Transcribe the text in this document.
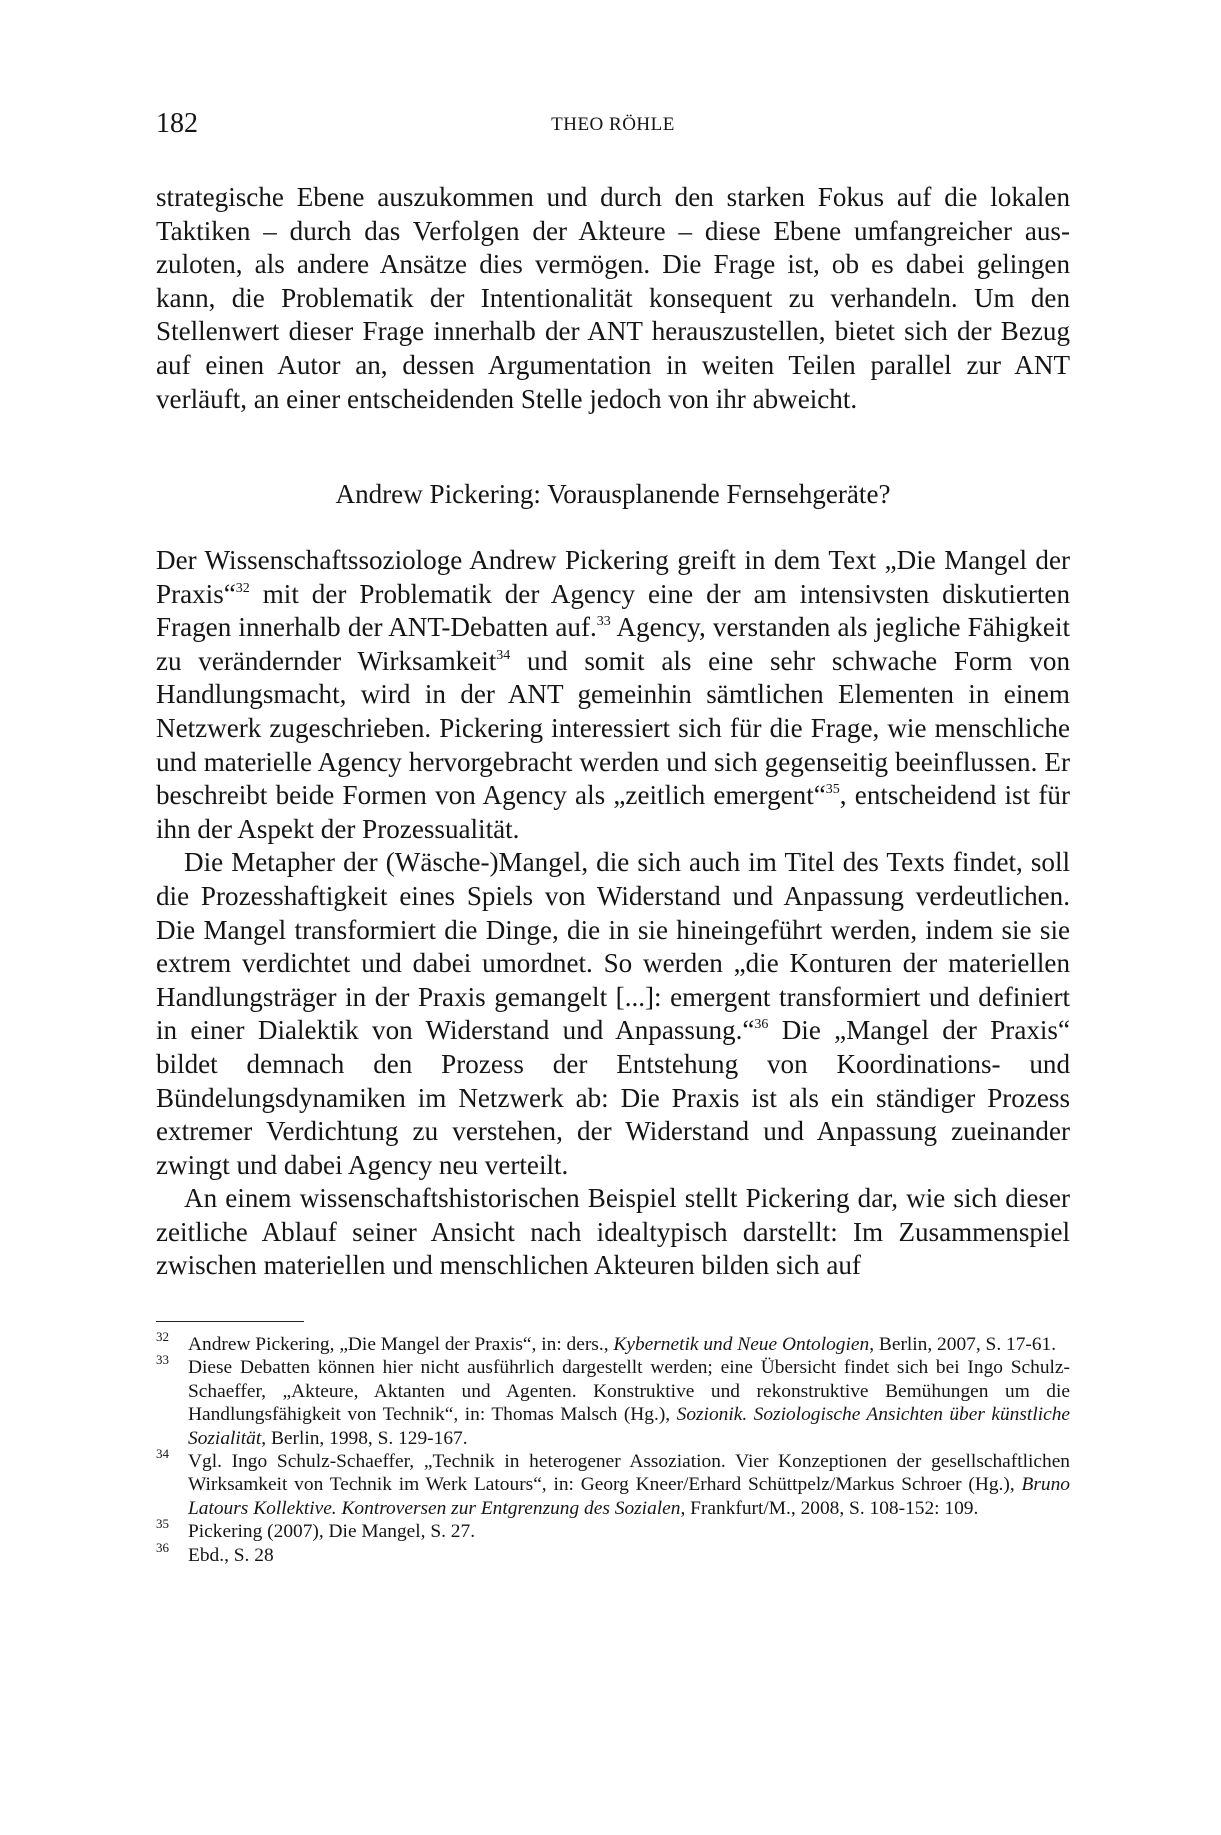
182	THEO RÖHLE

strategische Ebene auszukommen und durch den starken Fokus auf die lokalen Taktiken – durch das Verfolgen der Akteure – diese Ebene umfangreicher auszuloten, als andere Ansätze dies vermögen. Die Frage ist, ob es dabei gelingen kann, die Problematik der Intentionalität konsequent zu verhandeln. Um den Stellenwert dieser Frage innerhalb der ANT herauszustellen, bietet sich der Bezug auf einen Autor an, dessen Argumentation in weiten Teilen parallel zur ANT verläuft, an einer entscheidenden Stelle jedoch von ihr abweicht.

Andrew Pickering: Vorausplanende Fernsehgeräte?

Der Wissenschaftssoziologe Andrew Pickering greift in dem Text „Die Mangel der Praxis“$^{32}$ mit der Problematik der Agency eine der am intensivsten diskutierten Fragen innerhalb der ANT-Debatten auf.$^{33}$ Agency, verstanden als jegliche Fähigkeit zu verändernder Wirksamkeit$^{34}$ und somit als eine sehr schwache Form von Handlungsmacht, wird in der ANT gemeinhin sämtlichen Elementen in einem Netzwerk zugeschrieben. Pickering interessiert sich für die Frage, wie menschliche und materielle Agency hervorgebracht werden und sich gegenseitig beeinflussen. Er beschreibt beide Formen von Agency als „zeitlich emergent“$^{35}$, entscheidend ist für ihn der Aspekt der Prozessualität.

Die Metapher der (Wäsche-)Mangel, die sich auch im Titel des Texts findet, soll die Prozesshaftigkeit eines Spiels von Widerstand und Anpassung verdeutlichen. Die Mangel transformiert die Dinge, die in sie hineingeführt werden, indem sie sie extrem verdichtet und dabei umordnet. So werden „die Konturen der materiellen Handlungsträger in der Praxis gemangelt [...]: emergent transformiert und definiert in einer Dialektik von Widerstand und Anpassung.“$^{36}$ Die „Mangel der Praxis“ bildet demnach den Prozess der Entstehung von Koordinations- und Bündelungsdynamiken im Netzwerk ab: Die Praxis ist als ein ständiger Prozess extremer Verdichtung zu verstehen, der Widerstand und Anpassung zueinander zwingt und dabei Agency neu verteilt.

An einem wissenschaftshistorischen Beispiel stellt Pickering dar, wie sich dieser zeitliche Ablauf seiner Ansicht nach idealtypisch darstellt: Im Zusammenspiel zwischen materiellen und menschlichen Akteuren bilden sich auf

32 Andrew Pickering, „Die Mangel der Praxis“, in: ders., Kybernetik und Neue Ontologien, Berlin, 2007, S. 17-61.

33 Diese Debatten können hier nicht ausführlich dargestellt werden; eine Übersicht findet sich bei Ingo Schulz-Schaeffer, „Akteure, Aktanten und Agenten. Konstruktive und rekonstruktive Bemühungen um die Handlungsfähigkeit von Technik“, in: Thomas Malsch (Hg.), Sozionik. Soziologische Ansichten über künstliche Sozialität, Berlin, 1998, S. 129-167.

34 Vgl. Ingo Schulz-Schaeffer, „Technik in heterogener Assoziation. Vier Konzeptionen der gesellschaftlichen Wirksamkeit von Technik im Werk Latours“, in: Georg Kneer/Erhard Schüttpelz/Markus Schroer (Hg.), Bruno Latours Kollektive. Kontroversen zur Entgrenzung des Sozialen, Frankfurt/M., 2008, S. 108-152: 109.

35 Pickering (2007), Die Mangel, S. 27.

36 Ebd., S. 28
